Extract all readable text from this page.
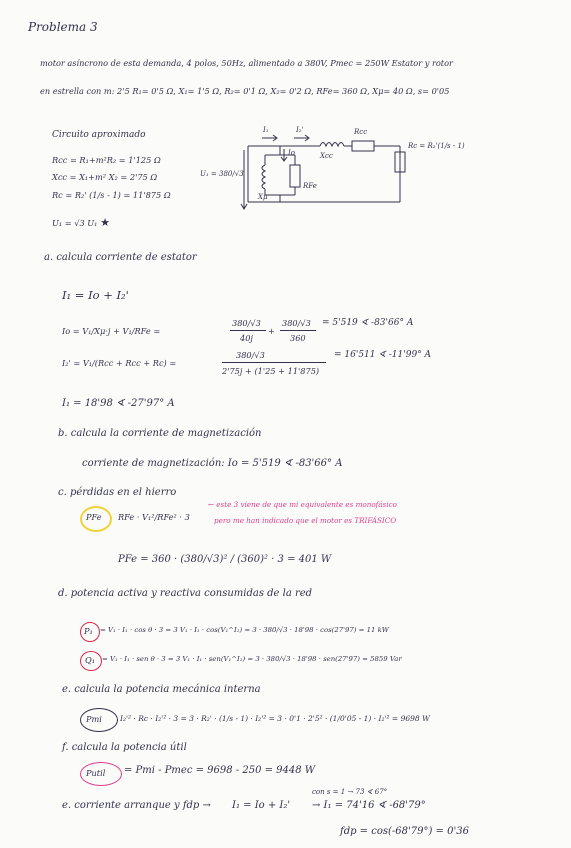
Problema 3
motor asíncrono de esta demanda, 4 polos, 50Hz, alimentado a 380V, Pmec = 250W Estator y rotor
en estrella con m: 2'5 R₁= 0'5 Ω, X₁= 1'5 Ω, R₂= 0'1 Ω, X₂= 0'2 Ω, RFe= 360 Ω, Xμ= 40 Ω, s= 0'05
Circuito aproximado
Rcc = R₁+m²R₂ = 1'125 Ω
Xcc = X₁+m² X₂ = 2'75 Ω
Rc = R₂' (1/s - 1) = 11'875 Ω
U₁ = √3 U₁ ★
I₁	I₂'
Io	Xcc
Rcc
Rc = R₂'(1/s - 1)
U₁ = 380/√3
Xμ
RFe
a. calcula corriente de estator
I₁ = Io + I₂'
Io = V₁/Xμ·j + V₁/RFe =
380/√3
40j
+
380/√3
360
= 5'519 ∢ -83'66° A
I₂' = V₁/(Rcc + Rcc + Rc) =
380/√3
2'75j + (1'25 + 11'875)
= 16'511 ∢ -11'99° A
I₁ = 18'98 ∢ -27'97° A
b. calcula la corriente de magnetización
corriente de magnetización: Io = 5'519 ∢ -83'66° A
c. pérdidas en el hierro
PFe RFe · V₁²/RFe² · 3
← este 3 viene de que mi equivalente es monofásico
pero me han indicado que el motor es TRIFÁSICO
PFe = 360 · (380/√3)² / (360)² · 3 = 401 W
d. potencia activa y reactiva consumidas de la red
P₁ = V₁ · I₁ · cos θ · 3 = 3 V₁ · I₁ · cos(V₁^I₁) = 3 · 380/√3 · 18'98 · cos(27'97) = 11 kW
Q₁ = V₁ · I₁ · sen θ · 3 = 3 V₁ · I₁ · sen(V₁^I₁) = 3 · 380/√3 · 18'98 · sen(27'97) = 5859 Var
e. calcula la potencia mecánica interna
Pmi I₂'² · Rc · I₂'² · 3 = 3 · R₂' · (1/s - 1) · I₂'² = 3 · 0'1 · 2'5² · (1/0'05 - 1) · I₂'² = 9698 W
f. calcula la potencia útil
Putil = Pmi - Pmec = 9698 - 250 = 9448 W
e. corriente arranque y fdp → I₁ = Io + I₂'
con s = 1 → 73 ∢ 67°
→ I₁ = 74'16 ∢ -68'79°
fdp = cos(-68'79°) = 0'36
